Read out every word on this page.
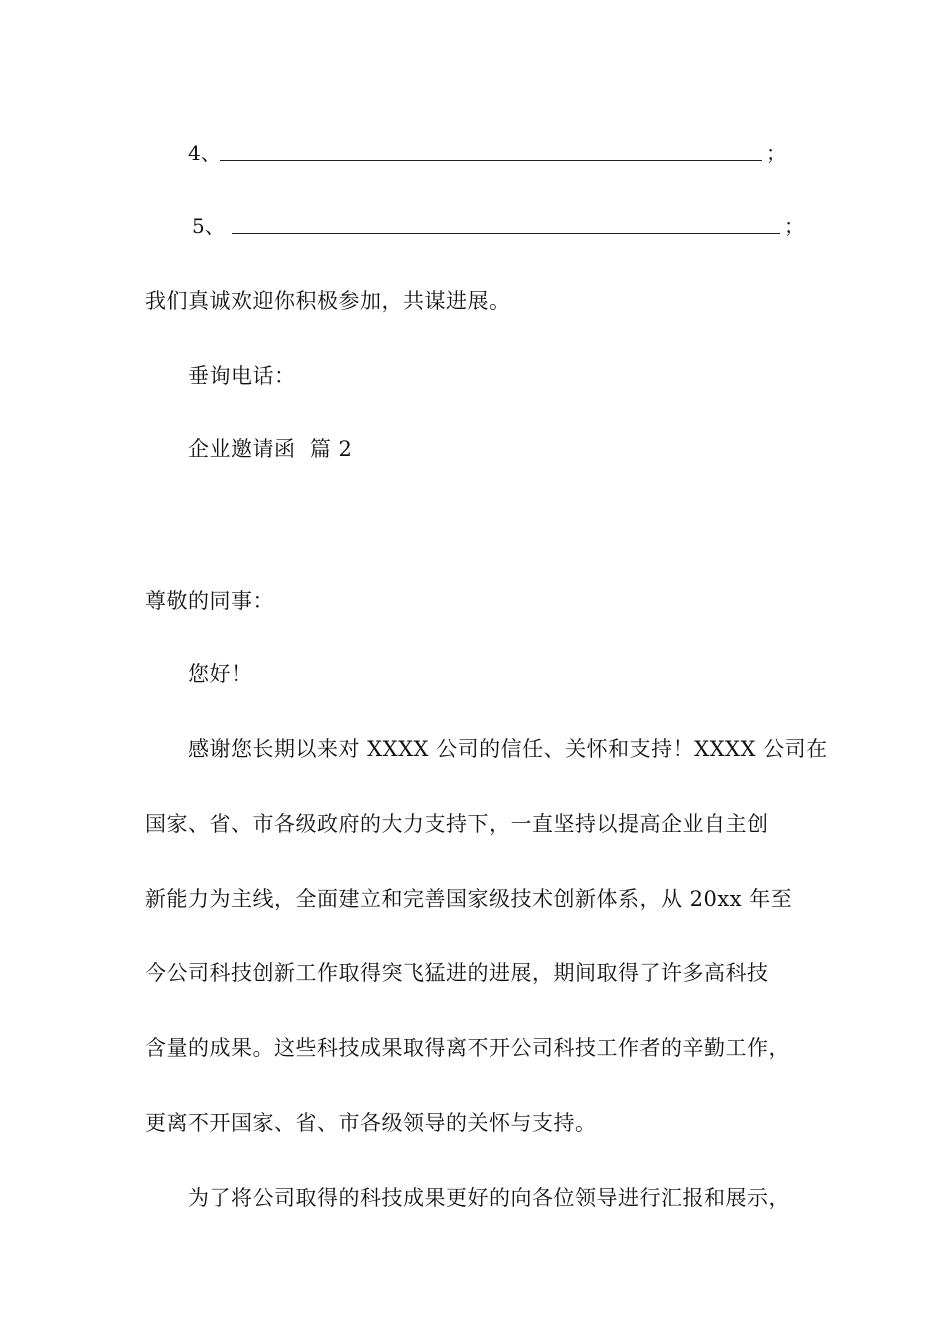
4、	；
5、	；
我们真诚欢迎你积极参加，共谋进展。
垂询电话：
企业邀请函  篇 2
尊敬的同事：
您好！
感谢您长期以来对 XXXX 公司的信任、关怀和支持！XXXX 公司在
国家、省、市各级政府的大力支持下，一直坚持以提高企业自主创
新能力为主线，全面建立和完善国家级技术创新体系，从 20xx 年至
今公司科技创新工作取得突飞猛进的进展，期间取得了许多高科技
含量的成果。这些科技成果取得离不开公司科技工作者的辛勤工作，
更离不开国家、省、市各级领导的关怀与支持。
为了将公司取得的科技成果更好的向各位领导进行汇报和展示，
